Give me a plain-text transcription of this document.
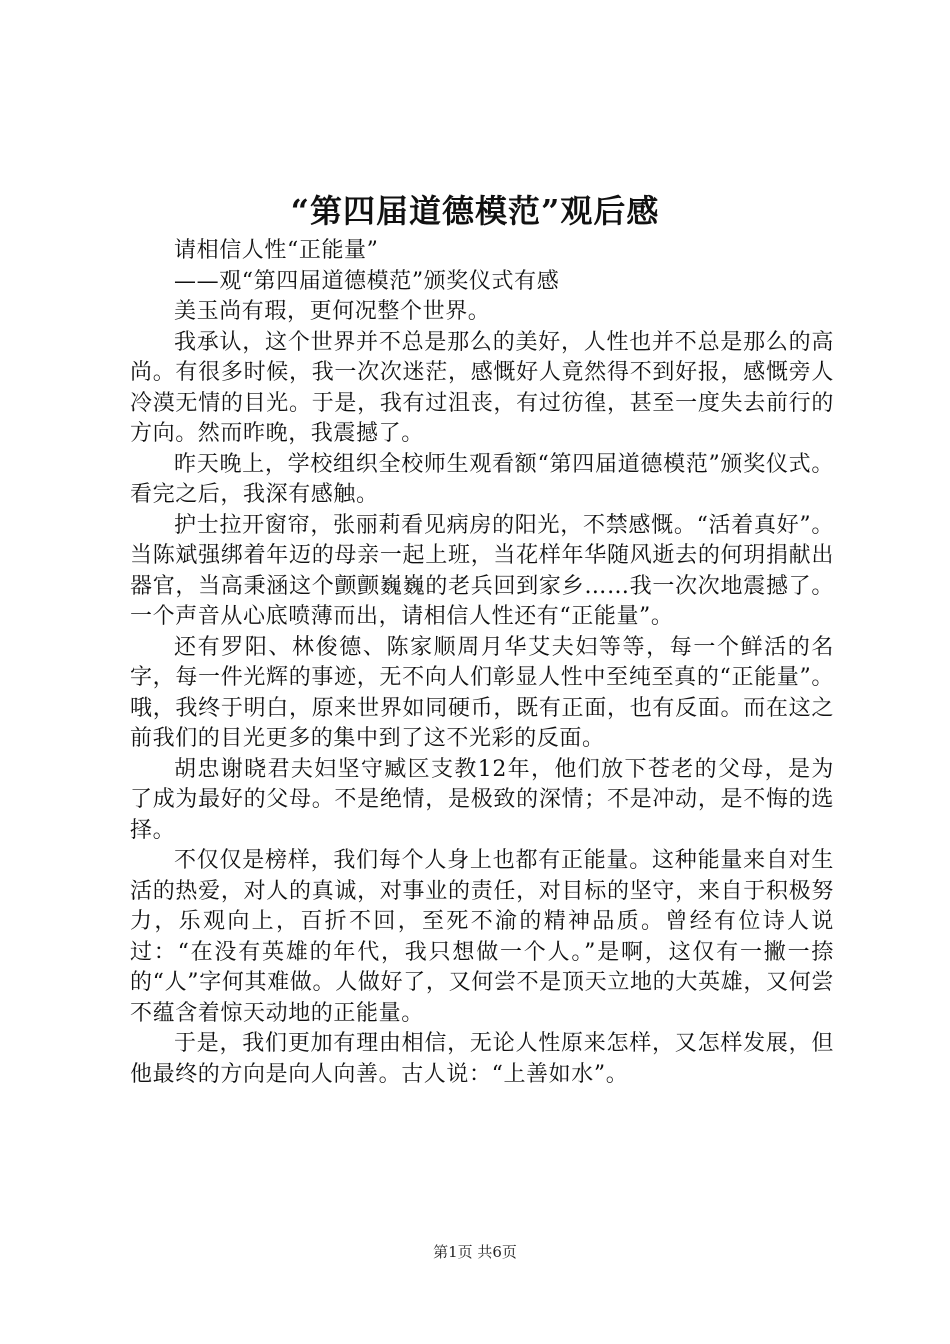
“第四届道德模范”观后感

请相信人性“正能量”

——观“第四届道德模范”颁奖仪式有感

美玉尚有瑕，更何况整个世界。

我承认，这个世界并不总是那么的美好，人性也并不总是那么的高尚。有很多时候，我一次次迷茫，感慨好人竟然得不到好报，感慨旁人冷漠无情的目光。于是，我有过沮丧，有过彷徨，甚至一度失去前行的方向。然而昨晚，我震撼了。

昨天晚上，学校组织全校师生观看额“第四届道德模范”颁奖仪式。看完之后，我深有感触。

护士拉开窗帘，张丽莉看见病房的阳光，不禁感慨。“活着真好”。当陈斌强绑着年迈的母亲一起上班，当花样年华随风逝去的何玥捐献出器官，当高秉涵这个颤颤巍巍的老兵回到家乡……我一次次地震撼了。一个声音从心底喷薄而出，请相信人性还有“正能量”。

还有罗阳、林俊德、陈家顺周月华艾夫妇等等，每一个鲜活的名字，每一件光辉的事迹，无不向人们彰显人性中至纯至真的“正能量”。哦，我终于明白，原来世界如同硬币，既有正面，也有反面。而在这之前我们的目光更多的集中到了这不光彩的反面。

胡忠谢晓君夫妇坚守臧区支教12年，他们放下苍老的父母，是为了成为最好的父母。不是绝情，是极致的深情；不是冲动，是不悔的选择。

不仅仅是榜样，我们每个人身上也都有正能量。这种能量来自对生活的热爱，对人的真诚，对事业的责任，对目标的坚守，来自于积极努力，乐观向上，百折不回，至死不渝的精神品质。曾经有位诗人说过：“在没有英雄的年代，我只想做一个人。”是啊，这仅有一撇一捺的“人”字何其难做。人做好了，又何尝不是顶天立地的大英雄，又何尝不蕴含着惊天动地的正能量。

于是，我们更加有理由相信，无论人性原来怎样，又怎样发展，但他最终的方向是向人向善。古人说：“上善如水”。

第1页 共6页
